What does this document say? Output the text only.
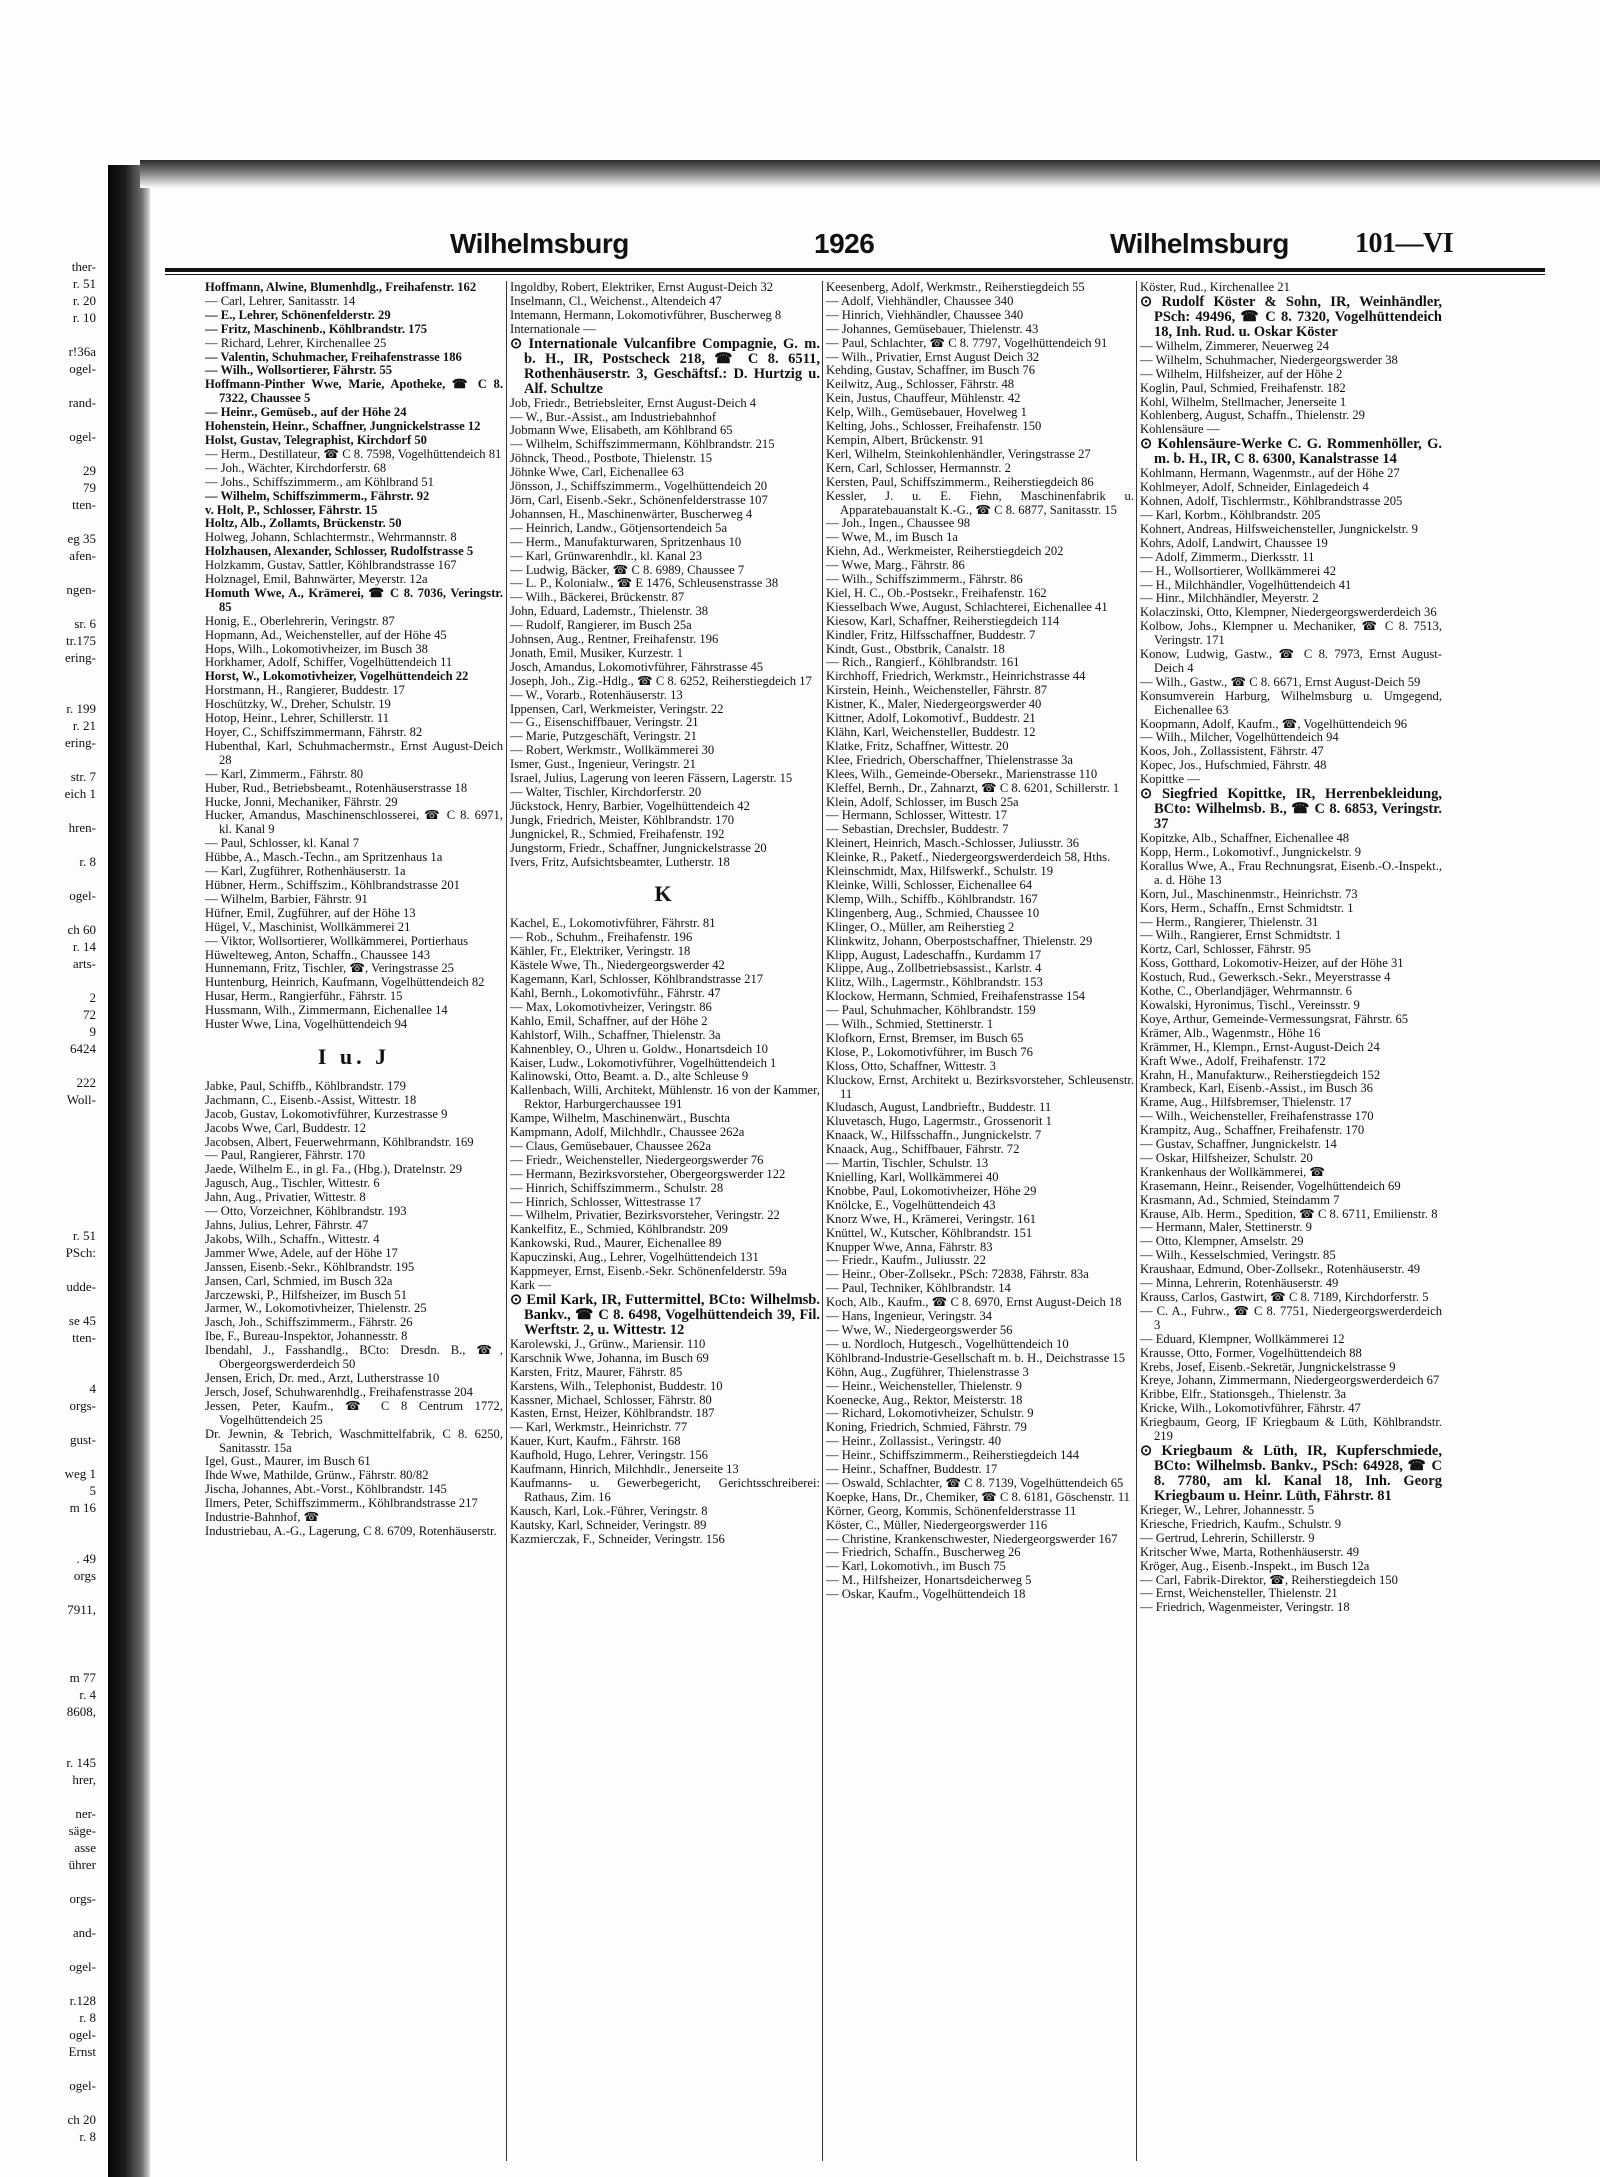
ther-
r. 51
r. 20
r. 10
r!36a
ogel-
rand-
ogel-
29
79
tten-
eg 35
afen-
ngen-
sr. 6
tr.175
ering-
r. 199
r. 21
ering-
str. 7
eich 1
hren-
r. 8
ogel-
ch 60
r. 14
arts-
2
72
9
6424
222
Woll-
r. 51
PSch:
udde-
se 45
tten-
4
orgs-
gust-
weg 1
5
m 16
. 49
orgs
7911,
m 77
r. 4
8608,
r. 145
hrer,
ner-
säge-
asse
ührer
orgs-
and-
ogel-
r.128
r. 8
ogel-
Ernst
ogel-
ch 20
r. 8
Wilhelmsburg	1926	Wilhelmsburg 101—VI
Hoffmann, Alwine, Blumenhdlg., Freihafenstr. 162
— Carl, Lehrer, Sanitasstr. 14
— E., Lehrer, Schönenfelderstr. 29
— Fritz, Maschinenb., Köhlbrandstr. 175
— Richard, Lehrer, Kirchenallee 25
— Valentin, Schuhmacher, Freihafenstrasse 186
— Wilh., Wollsortierer, Fährstr. 55
Hoffmann-Pinther Wwe, Marie, Apotheke, ☎ C 8. 7322, Chaussee 5
— Heinr., Gemüseb., auf der Höhe 24
Hohenstein, Heinr., Schaffner, Jungnickelstrasse 12
Holst, Gustav, Telegraphist, Kirchdorf 50
— Herm., Destillateur, ☎ C 8. 7598, Vogelhüttendeich 81
— Joh., Wächter, Kirchdorferstr. 68
— Johs., Schiffszimmerm., am Köhlbrand 51
— Wilhelm, Schiffszimmerm., Fährstr. 92
v. Holt, P., Schlosser, Fährstr. 15
Holtz, Alb., Zollamts, Brückenstr. 50
Holweg, Johann, Schlachtermstr., Wehrmannstr. 8
Holzhausen, Alexander, Schlosser, Rudolfstrasse 5
Holzkamm, Gustav, Sattler, Köhlbrandstrasse 167
Holznagel, Emil, Bahnwärter, Meyerstr. 12a
Homuth Wwe, A., Krämerei, ☎ C 8. 7036, Veringstr. 85
Honig, E., Oberlehrerin, Veringstr. 87
Hopmann, Ad., Weichensteller, auf der Höhe 45
Hops, Wilh., Lokomotivheizer, im Busch 38
Horkhamer, Adolf, Schiffer, Vogelhüttendeich 11
Horst, W., Lokomotivheizer, Vogelhüttendeich 22
Horstmann, H., Rangierer, Buddestr. 17
Hoschützky, W., Dreher, Schulstr. 19
Hotop, Heinr., Lehrer, Schillerstr. 11
Hoyer, C., Schiffszimmermann, Fährstr. 82
Hubenthal, Karl, Schuhmachermstr., Ernst August-Deich 28
— Karl, Zimmerm., Fährstr. 80
Huber, Rud., Betriebsbeamt., Rotenhäuserstrasse 18
Hucke, Jonni, Mechaniker, Fährstr. 29
Hucker, Amandus, Maschinenschlosserei, ☎ C 8. 6971, kl. Kanal 9
— Paul, Schlosser, kl. Kanal 7
Hübbe, A., Masch.-Techn., am Spritzenhaus 1a
— Karl, Zugführer, Rothenhäuserstr. 1a
Hübner, Herm., Schiffszim., Köhlbrandstrasse 201
— Wilhelm, Barbier, Fährstr. 91
Hüfner, Emil, Zugführer, auf der Höhe 13
Hügel, V., Maschinist, Wollkämmerei 21
— Viktor, Wollsortierer, Wollkämmerei, Portierhaus
Hüwelteweg, Anton, Schaffn., Chaussee 143
Hunnemann, Fritz, Tischler, ☎, Veringstrasse 25
Huntenburg, Heinrich, Kaufmann, Vogelhüttendeich 82
Husar, Herm., Rangierführ., Fährstr. 15
Hussmann, Wilh., Zimmermann, Eichenallee 14
Huster Wwe, Lina, Vogelhüttendeich 94
I u. J
Jabke, Paul, Schiffb., Köhlbrandstr. 179
Jachmann, C., Eisenb.-Assist, Wittestr. 18
Jacob, Gustav, Lokomotivführer, Kurzestrasse 9
Jacobs Wwe, Carl, Buddestr. 12
Jacobsen, Albert, Feuerwehrmann, Köhlbrandstr. 169
— Paul, Rangierer, Fährstr. 170
Jaede, Wilhelm E., in gl. Fa., (Hbg.), Dratelnstr. 29
Jagusch, Aug., Tischler, Wittestr. 6
Jahn, Aug., Privatier, Wittestr. 8
— Otto, Vorzeichner, Köhlbrandstr. 193
Jahns, Julius, Lehrer, Fährstr. 47
Jakobs, Wilh., Schaffn., Wittestr. 4
Jammer Wwe, Adele, auf der Höhe 17
Janssen, Eisenb.-Sekr., Köhlbrandstr. 195
Jansen, Carl, Schmied, im Busch 32a
Jarczewski, P., Hilfsheizer, im Busch 51
Jarmer, W., Lokomotivheizer, Thielenstr. 25
Jasch, Joh., Schiffszimmerm., Fährstr. 26
Ibe, F., Bureau-Inspektor, Johannesstr. 8
Ibendahl, J., Fasshandlg., BCto: Dresdn. B., ☎, Obergeorgswerderdeich 50
Jensen, Erich, Dr. med., Arzt, Lutherstrasse 10
Jersch, Josef, Schuhwarenhdlg., Freihafenstrasse 204
Jessen, Peter, Kaufm., ☎ C 8 Centrum 1772, Vogelhüttendeich 25
Dr. Jewnin, & Tebrich, Waschmittelfabrik, C 8. 6250, Sanitasstr. 15a
Igel, Gust., Maurer, im Busch 61
Ihde Wwe, Mathilde, Grünw., Fährstr. 80/82
Jischa, Johannes, Abt.-Vorst., Köhlbrandstr. 145
Ilmers, Peter, Schiffszimmerm., Köhlbrandstrasse 217
Industrie-Bahnhof, ☎
Industriebau, A.-G., Lagerung, C 8. 6709, Rotenhäuserstr.
Ingoldby, Robert, Elektriker, Ernst August-Deich 32
Inselmann, Cl., Weichenst., Altendeich 47
Intemann, Hermann, Lokomotivführer, Buscherweg 8
Internationale —
⊙ Internationale Vulcanfibre Compagnie, G. m. b. H., IR, Postscheck 218, ☎ C 8. 6511, Rothenhäuserstr. 3, Geschäftsf.: D. Hurtzig u. Alf. Schultze
Job, Friedr., Betriebsleiter, Ernst August-Deich 4
— W., Bur.-Assist., am Industriebahnhof
Jobmann Wwe, Elisabeth, am Köhlbrand 65
— Wilhelm, Schiffszimmermann, Köhlbrandstr. 215
Jöhnck, Theod., Postbote, Thielenstr. 15
Jöhnke Wwe, Carl, Eichenallee 63
Jönsson, J., Schiffszimmerm., Vogelhüttendeich 20
Jörn, Carl, Eisenb.-Sekr., Schönenfelderstrasse 107
Johannsen, H., Maschinenwärter, Buscherweg 4
— Heinrich, Landw., Götjensortendeich 5a
— Herm., Manufakturwaren, Spritzenhaus 10
— Karl, Grünwarenhdlr., kl. Kanal 23
— Ludwig, Bäcker, ☎ C 8. 6989, Chaussee 7
— L. P., Kolonialw., ☎ E 1476, Schleusenstrasse 38
— Wilh., Bäckerei, Brückenstr. 87
John, Eduard, Lademstr., Thielenstr. 38
— Rudolf, Rangierer, im Busch 25a
Johnsen, Aug., Rentner, Freihafenstr. 196
Jonath, Emil, Musiker, Kurzestr. 1
Josch, Amandus, Lokomotivführer, Fährstrasse 45
Joseph, Joh., Zig.-Hdlg., ☎ C 8. 6252, Reiherstiegdeich 17
— W., Vorarb., Rotenhäuserstr. 13
Ippensen, Carl, Werkmeister, Veringstr. 22
— G., Eisenschiffbauer, Veringstr. 21
— Marie, Putzgeschäft, Veringstr. 21
— Robert, Werkmstr., Wollkämmerei 30
Ismer, Gust., Ingenieur, Veringstr. 21
Israel, Julius, Lagerung von leeren Fässern, Lagerstr. 15
— Walter, Tischler, Kirchdorferstr. 20
Jückstock, Henry, Barbier, Vogelhüttendeich 42
Jungk, Friedrich, Meister, Köhlbrandstr. 170
Jungnickel, R., Schmied, Freihafenstr. 192
Jungstorm, Friedr., Schaffner, Jungnickelstrasse 20
Ivers, Fritz, Aufsichtsbeamter, Lutherstr. 18
K
Kachel, E., Lokomotivführer, Fährstr. 81
— Rob., Schuhm., Freihafenstr. 196
Kähler, Fr., Elektriker, Veringstr. 18
Kästele Wwe, Th., Niedergeorgswerder 42
Kagemann, Karl, Schlosser, Köhlbrandstrasse 217
Kahl, Bernh., Lokomotivführ., Fährstr. 47
— Max, Lokomotivheizer, Veringstr. 86
Kahlo, Emil, Schaffner, auf der Höhe 2
Kahlstorf, Wilh., Schaffner, Thielenstr. 3a
Kahnenbley, O., Uhren u. Goldw., Honartsdeich 10
Kaiser, Ludw., Lokomotivführer, Vogelhüttendeich 1
Kalinowski, Otto, Beamt. a. D., alte Schleuse 9
Kallenbach, Willi, Architekt, Mühlenstr. 16 von der Kammer, Rektor, Harburgerchaussee 191
Kampe, Wilhelm, Maschinenwärt., Buschta
Kampmann, Adolf, Milchhdlr., Chaussee 262a
— Claus, Gemüsebauer, Chaussee 262a
— Friedr., Weichensteller, Niedergeorgswerder 76
— Hermann, Bezirksvorsteher, Obergeorgswerder 122
— Hinrich, Schiffszimmerm., Schulstr. 28
— Hinrich, Schlosser, Wittestrasse 17
— Wilhelm, Privatier, Bezirksvorsteher, Veringstr. 22
Kankelfitz, E., Schmied, Köhlbrandstr. 209
Kankowski, Rud., Maurer, Eichenallee 89
Kapuczinski, Aug., Lehrer, Vogelhüttendeich 131
Kappmeyer, Ernst, Eisenb.-Sekr. Schönenfelderstr. 59a
Kark —
⊙ Emil Kark, IR, Futtermittel, BCto: Wilhelmsb. Bankv., ☎ C 8. 6498, Vogelhüttendeich 39, Fil. Werftstr. 2, u. Wittestr. 12
Karolewski, J., Grünw., Mariensir. 110
Karschnik Wwe, Johanna, im Busch 69
Karsten, Fritz, Maurer, Fährstr. 85
Karstens, Wilh., Telephonist, Buddestr. 10
Kassner, Michael, Schlosser, Fährstr. 80
Kasten, Ernst, Heizer, Köhlbrandstr. 187
— Karl, Werkmstr., Heinrichstr. 77
Kauer, Kurt, Kaufm., Fährstr. 168
Kaufhold, Hugo, Lehrer, Veringstr. 156
Kaufmann, Hinrich, Milchhdlr., Jenerseite 13
Kaufmanns- u. Gewerbegericht, Gerichtsschreiberei: Rathaus, Zim. 16
Kausch, Karl, Lok.-Führer, Veringstr. 8
Kautsky, Karl, Schneider, Veringstr. 89
Kazmierczak, F., Schneider, Veringstr. 156
Keesenberg, Adolf, Werkmstr., Reiherstiegdeich 55
— Adolf, Viehhändler, Chaussee 340
— Hinrich, Viehhändler, Chaussee 340
— Johannes, Gemüsebauer, Thielenstr. 43
— Paul, Schlachter, ☎ C 8. 7797, Vogelhüttendeich 91
— Wilh., Privatier, Ernst August Deich 32
Kehding, Gustav, Schaffner, im Busch 76
Keilwitz, Aug., Schlosser, Fährstr. 48
Kein, Justus, Chauffeur, Mühlenstr. 42
Kelp, Wilh., Gemüsebauer, Hovelweg 1
Kelting, Johs., Schlosser, Freihafenstr. 150
Kempin, Albert, Brückenstr. 91
Kerl, Wilhelm, Steinkohlenhändler, Veringstrasse 27
Kern, Carl, Schlosser, Hermannstr. 2
Kersten, Paul, Schiffszimmerm., Reiherstiegdeich 86
Kessler, J. u. E. Fiehn, Maschinenfabrik u. Apparatebauanstalt K.-G., ☎ C 8. 6877, Sanitasstr. 15
— Joh., Ingen., Chaussee 98
— Wwe, M., im Busch 1a
Kiehn, Ad., Werkmeister, Reiherstiegdeich 202
— Wwe, Marg., Fährstr. 86
— Wilh., Schiffszimmerm., Fährstr. 86
Kiel, H. C., Ob.-Postsekr., Freihafenstr. 162
Kiesselbach Wwe, August, Schlachterei, Eichenallee 41
Kiesow, Karl, Schaffner, Reiherstiegdeich 114
Kindler, Fritz, Hilfsschaffner, Buddestr. 7
Kindt, Gust., Obstbrik, Canalstr. 18
— Rich., Rangierf., Köhlbrandstr. 161
Kirchhoff, Friedrich, Werkmstr., Heinrichstrasse 44
Kirstein, Heinh., Weichensteller, Fährstr. 87
Kistner, K., Maler, Niedergeorgswerder 40
Kittner, Adolf, Lokomotivf., Buddestr. 21
Klähn, Karl, Weichensteller, Buddestr. 12
Klatke, Fritz, Schaffner, Wittestr. 20
Klee, Friedrich, Oberschaffner, Thielenstrasse 3a
Klees, Wilh., Gemeinde-Obersekr., Marienstrasse 110
Kleffel, Bernh., Dr., Zahnarzt, ☎ C 8. 6201, Schillerstr. 1
Klein, Adolf, Schlosser, im Busch 25a
— Hermann, Schlosser, Wittestr. 17
— Sebastian, Drechsler, Buddestr. 7
Kleinert, Heinrich, Masch.-Schlosser, Juliusstr. 36
Kleinke, R., Paketf., Niedergeorgswerderdeich 58, Hths.
Kleinschmidt, Max, Hilfswerkf., Schulstr. 19
Kleinke, Willi, Schlosser, Eichenallee 64
Klemp, Wilh., Schiffb., Köhlbrandstr. 167
Klingenberg, Aug., Schmied, Chaussee 10
Klinger, O., Müller, am Reiherstieg 2
Klinkwitz, Johann, Oberpostschaffner, Thielenstr. 29
Klipp, August, Ladeschaffn., Kurdamm 17
Klippe, Aug., Zollbetriebsassist., Karlstr. 4
Klitz, Wilh., Lagermstr., Köhlbrandstr. 153
Klockow, Hermann, Schmied, Freihafenstrasse 154
— Paul, Schuhmacher, Köhlbrandstr. 159
— Wilh., Schmied, Stettinerstr. 1
Klofkorn, Ernst, Bremser, im Busch 65
Klose, P., Lokomotivführer, im Busch 76
Kloss, Otto, Schaffner, Wittestr. 3
Kluckow, Ernst, Architekt u. Bezirksvorsteher, Schleusenstr. 11
Kludasch, August, Landbrieftr., Buddestr. 11
Kluvetasch, Hugo, Lagermstr., Grossenorit 1
Knaack, W., Hilfsschaffn., Jungnickelstr. 7
Knaack, Aug., Schiffbauer, Fährstr. 72
— Martin, Tischler, Schulstr. 13
Knielling, Karl, Wollkämmerei 40
Knobbe, Paul, Lokomotivheizer, Höhe 29
Knölcke, E., Vogelhüttendeich 43
Knorz Wwe, H., Krämerei, Veringstr. 161
Knüttel, W., Kutscher, Köhlbrandstr. 151
Knupper Wwe, Anna, Fährstr. 83
— Friedr., Kaufm., Juliusstr. 22
— Heinr., Ober-Zollsekr., PSch: 72838, Fährstr. 83a
— Paul, Techniker, Köhlbrandstr. 14
Koch, Alb., Kaufm., ☎ C 8. 6970, Ernst August-Deich 18
— Hans, Ingenieur, Veringstr. 34
— Wwe, W., Niedergeorgswerder 56
— u. Nordloch, Hutgesch., Vogelhüttendeich 10
Köhlbrand-Industrie-Gesellschaft m. b. H., Deichstrasse 15
Köhn, Aug., Zugführer, Thielenstrasse 3
— Heinr., Weichensteller, Thielenstr. 9
Koenecke, Aug., Rektor, Meisterstr. 18
— Richard, Lokomotivheizer, Schulstr. 9
Koning, Friedrich, Schmied, Fährstr. 79
— Heinr., Zollassist., Veringstr. 40
— Heinr., Schiffszimmerm., Reiherstiegdeich 144
— Heinr., Schaffner, Buddestr. 17
— Oswald, Schlachter, ☎ C 8. 7139, Vogelhüttendeich 65
Koepke, Hans, Dr., Chemiker, ☎ C 8. 6181, Göschenstr. 11
Körner, Georg, Kommis, Schönenfelderstrasse 11
Köster, C., Müller, Niedergeorgswerder 116
— Christine, Krankenschwester, Niedergeorgswerder 167
— Friedrich, Schaffn., Buscherweg 26
— Karl, Lokomotivh., im Busch 75
— M., Hilfsheizer, Honartsdeicherweg 5
— Oskar, Kaufm., Vogelhüttendeich 18
Köster, Rud., Kirchenallee 21
⊙ Rudolf Köster & Sohn, IR, Weinhändler, PSch: 49496, ☎ C 8. 7320, Vogelhüttendeich 18, Inh. Rud. u. Oskar Köster
— Wilhelm, Zimmerer, Neuerweg 24
— Wilhelm, Schuhmacher, Niedergeorgswerder 38
— Wilhelm, Hilfsheizer, auf der Höhe 2
Koglin, Paul, Schmied, Freihafenstr. 182
Kohl, Wilhelm, Stellmacher, Jenerseite 1
Kohlenberg, August, Schaffn., Thielenstr. 29
Kohlensäure —
⊙ Kohlensäure-Werke C. G. Rommenhöller, G. m. b. H., IR, C 8. 6300, Kanalstrasse 14
Kohlmann, Hermann, Wagenmstr., auf der Höhe 27
Kohlmeyer, Adolf, Schneider, Einlagedeich 4
Kohnen, Adolf, Tischlermstr., Köhlbrandstrasse 205
— Karl, Korbm., Köhlbrandstr. 205
Kohnert, Andreas, Hilfsweichensteller, Jungnickelstr. 9
Kohrs, Adolf, Landwirt, Chaussee 19
— Adolf, Zimmerm., Dierksstr. 11
— H., Wollsortierer, Wollkämmerei 42
— H., Milchhändler, Vogelhüttendeich 41
— Hinr., Milchhändler, Meyerstr. 2
Kolaczinski, Otto, Klempner, Niedergeorgswerderdeich 36
Kolbow, Johs., Klempner u. Mechaniker, ☎ C 8. 7513, Veringstr. 171
Konow, Ludwig, Gastw., ☎ C 8. 7973, Ernst August-Deich 4
— Wilh., Gastw., ☎ C 8. 6671, Ernst August-Deich 59
Konsumverein Harburg, Wilhelmsburg u. Umgegend, Eichenallee 63
Koopmann, Adolf, Kaufm., ☎, Vogelhüttendeich 96
— Wilh., Milcher, Vogelhüttendeich 94
Koos, Joh., Zollassistent, Fährstr. 47
Kopec, Jos., Hufschmied, Fährstr. 48
Kopittke —
⊙ Siegfried Kopittke, IR, Herrenbekleidung, BCto: Wilhelmsb. B., ☎ C 8. 6853, Veringstr. 37
Kopitzke, Alb., Schaffner, Eichenallee 48
Kopp, Herm., Lokomotivf., Jungnickelstr. 9
Korallus Wwe, A., Frau Rechnungsrat, Eisenb.-O.-Inspekt., a. d. Höhe 13
Korn, Jul., Maschinenmstr., Heinrichstr. 73
Kors, Herm., Schaffn., Ernst Schmidtstr. 1
— Herm., Rangierer, Thielenstr. 31
— Wilh., Rangierer, Ernst Schmidtstr. 1
Kortz, Carl, Schlosser, Fährstr. 95
Koss, Gotthard, Lokomotiv-Heizer, auf der Höhe 31
Kostuch, Rud., Gewerksch.-Sekr., Meyerstrasse 4
Kothe, C., Oberlandjäger, Wehrmannstr. 6
Kowalski, Hyronimus, Tischl., Vereinsstr. 9
Koye, Arthur, Gemeinde-Vermessungsrat, Fährstr. 65
Krämer, Alb., Wagenmstr., Höhe 16
Krämmer, H., Klempn., Ernst-August-Deich 24
Kraft Wwe., Adolf, Freihafenstr. 172
Krahn, H., Manufakturw., Reiherstiegdeich 152
Krambeck, Karl, Eisenb.-Assist., im Busch 36
Krame, Aug., Hilfsbremser, Thielenstr. 17
— Wilh., Weichensteller, Freihafenstrasse 170
Krampitz, Aug., Schaffner, Freihafenstr. 170
— Gustav, Schaffner, Jungnickelstr. 14
— Oskar, Hilfsheizer, Schulstr. 20
Krankenhaus der Wollkämmerei, ☎
Krasemann, Heinr., Reisender, Vogelhüttendeich 69
Krasmann, Ad., Schmied, Steindamm 7
Krause, Alb. Herm., Spedition, ☎ C 8. 6711, Emilienstr. 8
— Hermann, Maler, Stettinerstr. 9
— Otto, Klempner, Amselstr. 29
— Wilh., Kesselschmied, Veringstr. 85
Kraushaar, Edmund, Ober-Zollsekr., Rotenhäuserstr. 49
— Minna, Lehrerin, Rotenhäuserstr. 49
Krauss, Carlos, Gastwirt, ☎ C 8. 7189, Kirchdorferstr. 5
— C. A., Fuhrw., ☎ C 8. 7751, Niedergeorgswerderdeich 3
— Eduard, Klempner, Wollkämmerei 12
Krausse, Otto, Former, Vogelhüttendeich 88
Krebs, Josef, Eisenb.-Sekretär, Jungnickelstrasse 9
Kreye, Johann, Zimmermann, Niedergeorgswerderdeich 67
Kribbe, Elfr., Stationsgeh., Thielenstr. 3a
Kricke, Wilh., Lokomotivführer, Fährstr. 47
Kriegbaum, Georg, IF Kriegbaum & Lüth, Köhlbrandstr. 219
⊙ Kriegbaum & Lüth, IR, Kupferschmiede, BCto: Wilhelmsb. Bankv., PSch: 64928, ☎ C 8. 7780, am kl. Kanal 18, Inh. Georg Kriegbaum u. Heinr. Lüth, Fährstr. 81
Krieger, W., Lehrer, Johannesstr. 5
Kriesche, Friedrich, Kaufm., Schulstr. 9
— Gertrud, Lehrerin, Schillerstr. 9
Kritscher Wwe, Marta, Rothenhäuserstr. 49
Kröger, Aug., Eisenb.-Inspekt., im Busch 12a
— Carl, Fabrik-Direktor, ☎, Reiherstiegdeich 150
— Ernst, Weichensteller, Thielenstr. 21
— Friedrich, Wagenmeister, Veringstr. 18
